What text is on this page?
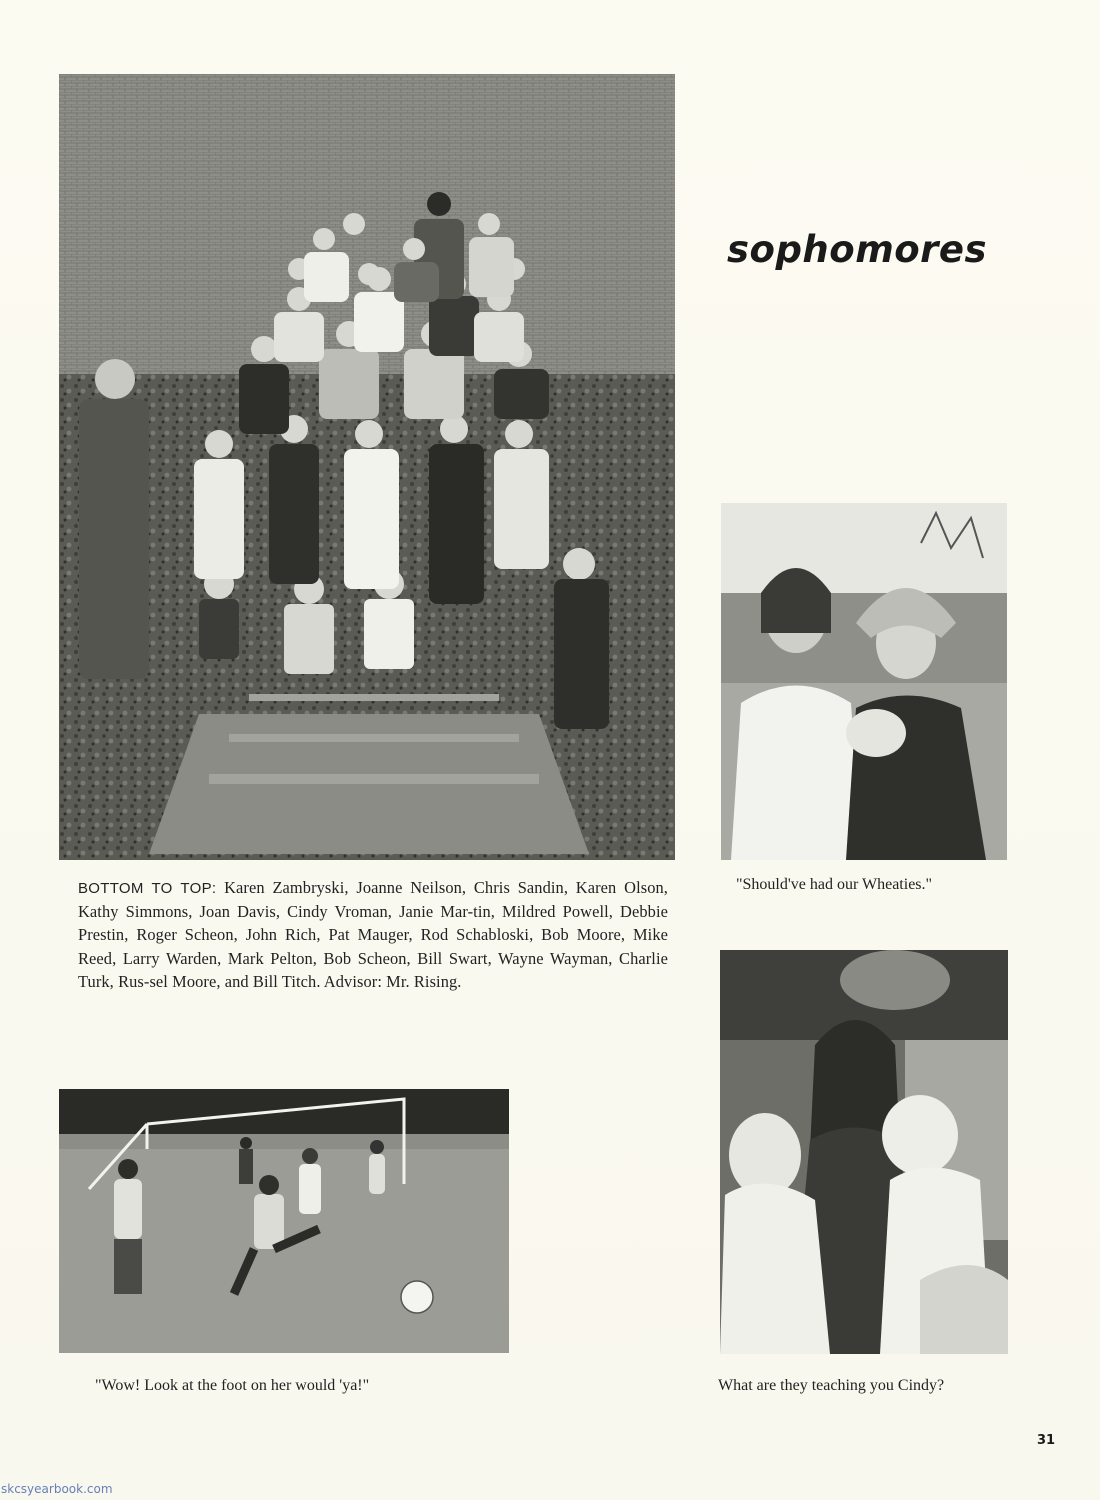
sophomores
BOTTOM TO TOP: Karen Zambryski, Joanne Neilson, Chris Sandin, Karen Olson, Kathy Simmons, Joan Davis, Cindy Vroman, Janie Mar-tin, Mildred Powell, Debbie Prestin, Roger Scheon, John Rich, Pat Mauger, Rod Schabloski, Bob Moore, Mike Reed, Larry Warden, Mark Pelton, Bob Scheon, Bill Swart, Wayne Wayman, Charlie Turk, Rus-sel Moore, and Bill Titch. Advisor: Mr. Rising.
"Should've had our Wheaties."
"Wow! Look at the foot on her would 'ya!"	What are they teaching you Cindy?
31
skcsyearbook.com
